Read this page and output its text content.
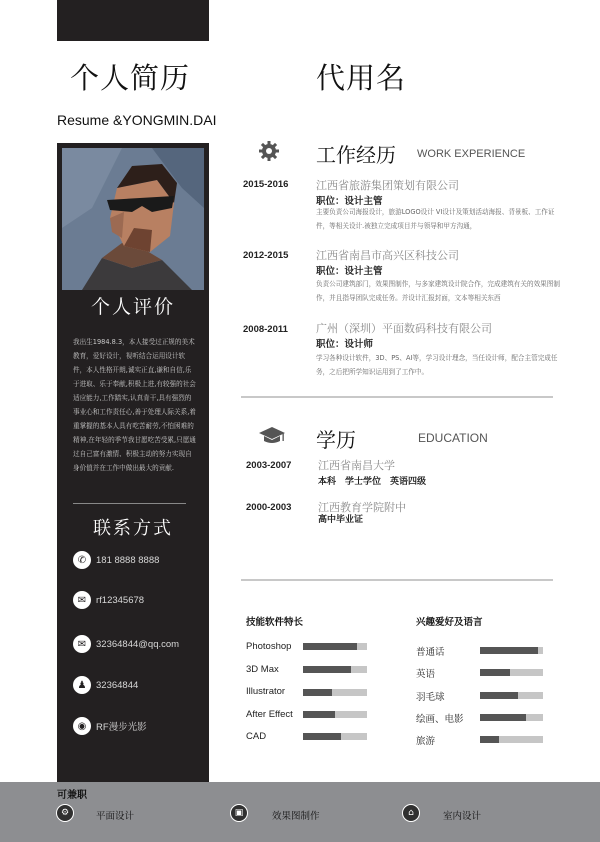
个人简历	代用名
Resume &YONGMIN.DAI
个人评价
我出生1984.8.3，本人接受过正规的美术教育，爱好设计，视听结合运用设计软件，本人性格开朗,诚实正直,谦和自信,乐于进取、乐于奉献,积极上进,有较强的社会适应能力,工作踏实,认真肯干,具有强烈的事业心和工作责任心,善于处理人际关系,着重掌握的基本人具有吃苦耐劳,不怕困难的精神,在年轻的季节我甘愿吃苦受累,只愿通过自己富有激情、积极主动的努力实现自身价值并在工作中做出最大的贡献.
联系方式
✆	181 8888 8888
✉	rf12345678
✉	32364844@qq.com
♟	32364844
◉	RF漫步光影
工作经历 WORK EXPERIENCE
2015-2016	江西省旅游集团策划有限公司
职位：设计主管
主要负责公司海报设计，旅游LOGO设计 VI设计及策划活动海报、背景板、工作证件，等相关设计.被独立完成项目并与领导和甲方沟通，
2012-2015	江西省南昌市高兴区科技公司
职位：设计主管
负责公司建筑部门，效果图制作，与多家建筑设计院合作，完成建筑有关的效果图制作，并且指导团队完成任务。并设计汇报封面，文本等相关东西
2008-2011	广州（深圳）平面数码科技有限公司
职位：设计师
学习各种设计软件，3D、PS、AI等，学习设计理念，当任设计师，配合主管完成任务，之后把所学知识运用到了工作中。
学历	EDUCATION
2003-2007 江西省南昌大学
本科　学士学位　英语四级
2000-2003 江西教育学院附中
高中毕业证
技能软件特长
Photoshop
3D Max
Illustrator
After Effect
CAD
兴趣爱好及语言
普通话
英语
羽毛球
绘画、电影
旅游
可兼职
⚙	平面设计	▣	效果图制作	⌂	室内设计
